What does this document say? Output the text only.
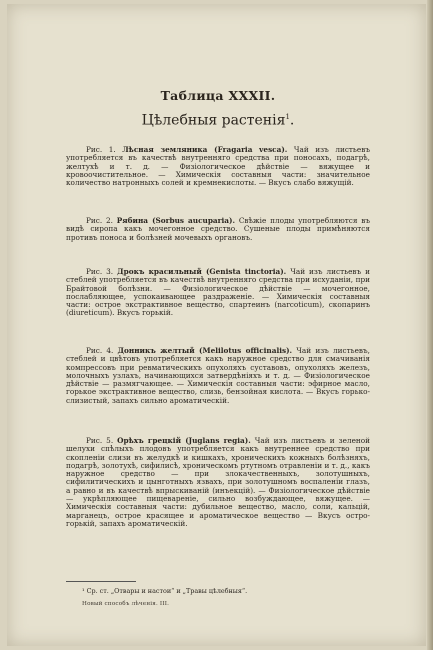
Таблица XXXII.
Цѣлебныя растенія$^1$.
Рис. 1. Лѣсная земляника (Fragaria vesca). Чай изъ листьевъ употребляется въ качествѣ внутренняго средства при поносахъ, подагрѣ, желтухѣ и т. д. — Физіологическое дѣйствіе — вяжущее и кровоочистительное. — Химическія составныя части: значительное количество натронныхъ солей и кремнекислоты. — Вкусъ слабо вяжущій.
Рис. 2. Рябина (Sorbus aucuparia). Свѣжіе плоды употребляются въ видѣ сиропа какъ мочегонное средство. Сушеные плоды примѣняются противъ поноса и болѣзней мочевыхъ органовъ.
Рис. 3. Дрокъ красильный (Genista tinctoria). Чай изъ листьевъ и стеблей употребляется въ качествѣ внутренняго средства при исхуданіи, при Брайтовой болѣзни. — Физіологическое дѣйствіе — мочегонное, послабляющее, успокаивающее раздраженіе. — Химическія составныя части: острое экстрактивное вещество, спартеинъ (narcoticum), скопаринъ (diureticum). Вкусъ горькій.
Рис. 4. Донникъ желтый (Melilotus officinalis). Чай изъ листьевъ, стеблей и цвѣтовъ употребляется какъ наружное средство для смачиванія компрессовъ при ревматическихъ опухоляхъ суставовъ, опухоляхъ железъ, молочныхъ узлахъ, начинающихся затвердѣніяхъ и т. д. — Физіологическое дѣйствіе — размягчающее. — Химическія составныя части: эфирное масло, горькое экстрактивное вещество, слизь, бензойная кислота. — Вкусъ горько-слизистый, запахъ сильно ароматическій.
Рис. 5. Орѣхъ грецкій (Juglans regia). Чай изъ листьевъ и зеленой шелухи спѣлыхъ плодовъ употребляется какъ внутреннее средство при скопленіи слизи въ желудкѣ и кишкахъ, хроническихъ кожныхъ болѣзняхъ, подагрѣ, золотухѣ, сифилисѣ, хроническомъ ртутномъ отравленіи и т. д., какъ наружное средство — при злокачественныхъ, золотушныхъ, сифилитическихъ и цынготныхъ язвахъ, при золотушномъ воспаленіи глазъ, а равно и въ качествѣ впрыскиваній (инъекцій). — Физіологическое дѣйствіе — укрѣпляющее пищевареніе, сильно возбуждающее, вяжущее. — Химическія составныя части: дубильное вещество, масло, соли, кальцій, марганецъ, острое красящее и ароматическое вещество — Вкусъ остро-горькій, запахъ ароматическій.
¹ Ср. ст. „Отвары и настои“ и „Травы цѣлебныя“.
Новый способъ лѣченія. III.
